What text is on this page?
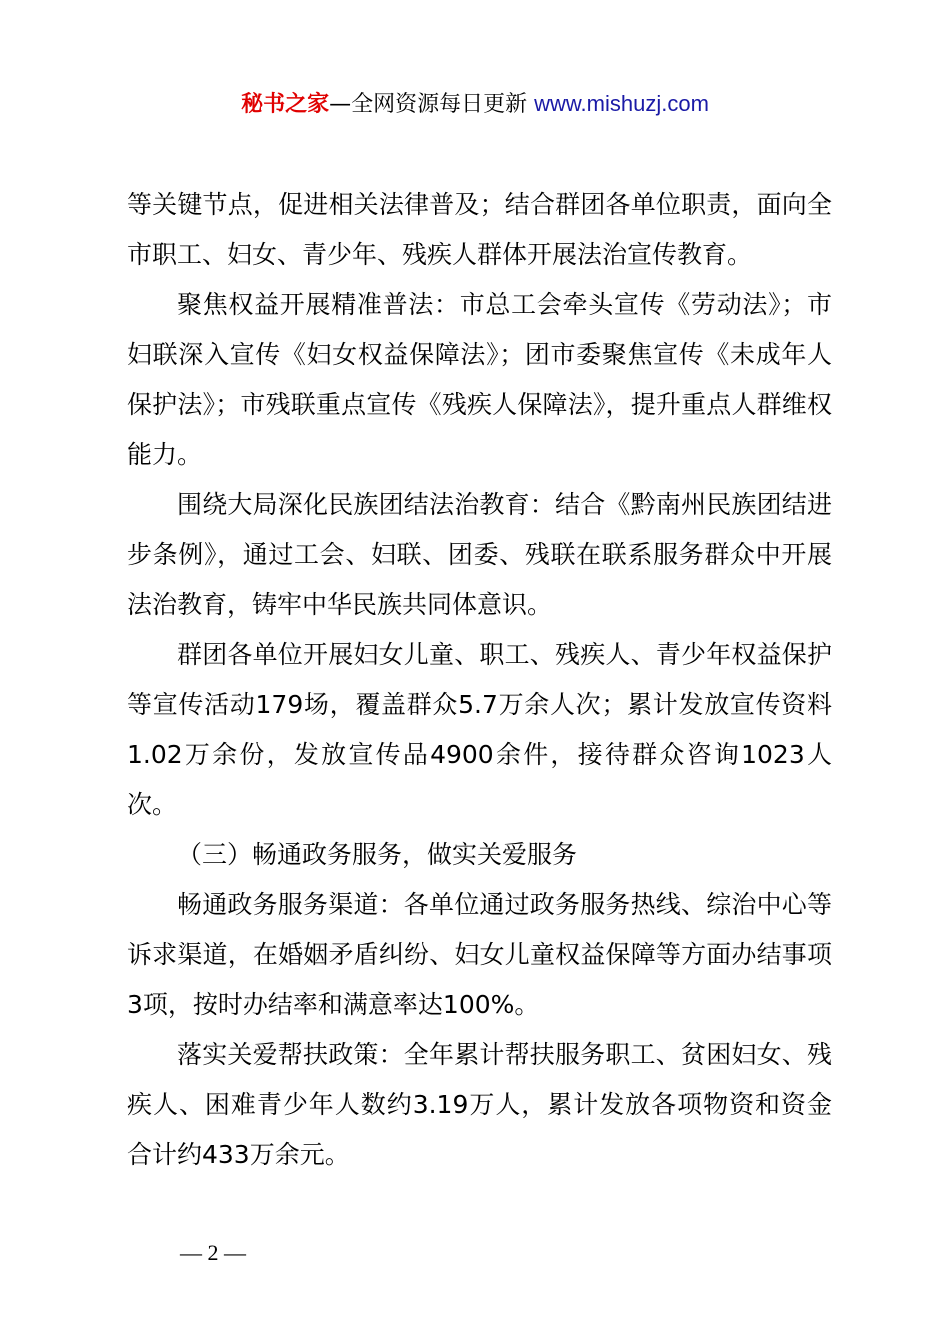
秘书之家—全网资源每日更新 www.mishuzj.com

等关键节点，促进相关法律普及；结合群团各单位职责，面向全市职工、妇女、青少年、残疾人群体开展法治宣传教育。

聚焦权益开展精准普法：市总工会牵头宣传《劳动法》；市妇联深入宣传《妇女权益保障法》；团市委聚焦宣传《未成年人保护法》；市残联重点宣传《残疾人保障法》，提升重点人群维权能力。

围绕大局深化民族团结法治教育：结合《黔南州民族团结进步条例》，通过工会、妇联、团委、残联在联系服务群众中开展法治教育，铸牢中华民族共同体意识。

群团各单位开展妇女儿童、职工、残疾人、青少年权益保护等宣传活动179场，覆盖群众5.7万余人次；累计发放宣传资料1.02万余份，发放宣传品4900余件，接待群众咨询1023人次。

（三）畅通政务服务，做实关爱服务

畅通政务服务渠道：各单位通过政务服务热线、综治中心等诉求渠道，在婚姻矛盾纠纷、妇女儿童权益保障等方面办结事项3项，按时办结率和满意率达100%。

落实关爱帮扶政策：全年累计帮扶服务职工、贫困妇女、残疾人、困难青少年人数约3.19万人，累计发放各项物资和资金合计约433万余元。

— 2 —
